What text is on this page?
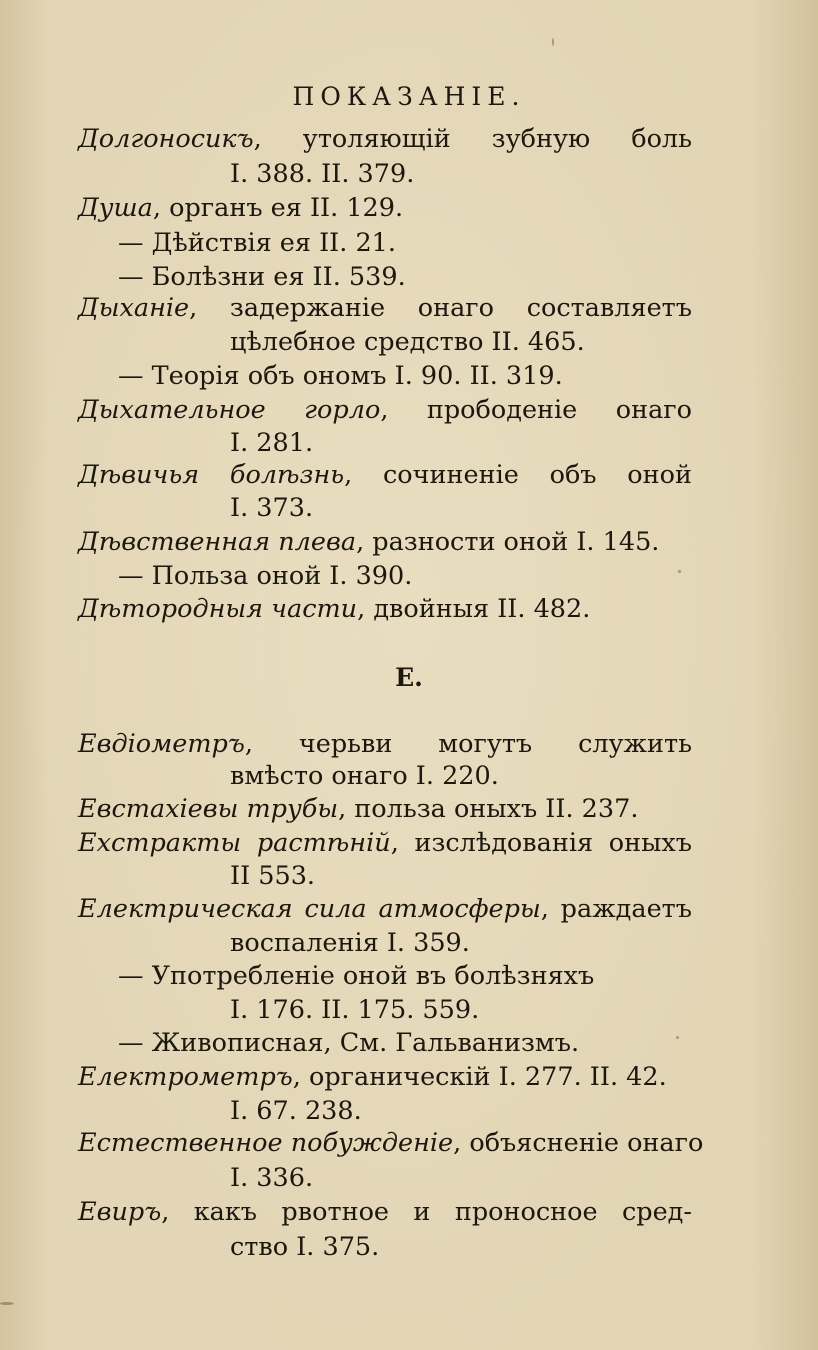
ПОКАЗАНІЕ.
Долгоносикъ, утоляющій зубную боль
І. 388. ІІ. 379.
Душа, органъ ея ІІ. 129.
— Дѣйствія ея ІІ. 21.
— Болѣзни ея ІІ. 539.
Дыханіе, задержаніе онаго составляетъ
цѣлебное средство ІІ. 465.
— Теорія объ ономъ І. 90. ІІ. 319.
Дыхательное горло, прободеніе онаго
І. 281.
Дѣвичья болѣзнь, сочиненіе объ оной
І. 373.
Дѣвственная плева, разности оной І. 145.
— Польза оной І. 390.
Дѣтородныя части, двойныя ІІ. 482.
Е.
Евдіометръ, черьви могутъ служить
вмѣсто онаго І. 220.
Евстахіевы трубы, польза оныхъ ІІ. 237.
Ехстракты растѣній, изслѣдованія оныхъ
ІІ 553.
Електрическая сила атмосферы, раждаетъ
воспаленія І. 359.
— Употребленіе оной въ болѣзняхъ
І. 176. ІІ. 175. 559.
— Живописная, См. Гальванизмъ.
Електрометръ, органическій І. 277. ІІ. 42.
І. 67. 238.
Естественное побужденіе, объясненіе онаго
І. 336.
Евиръ, какъ рвотное и проносное сред-
ство І. 375.
